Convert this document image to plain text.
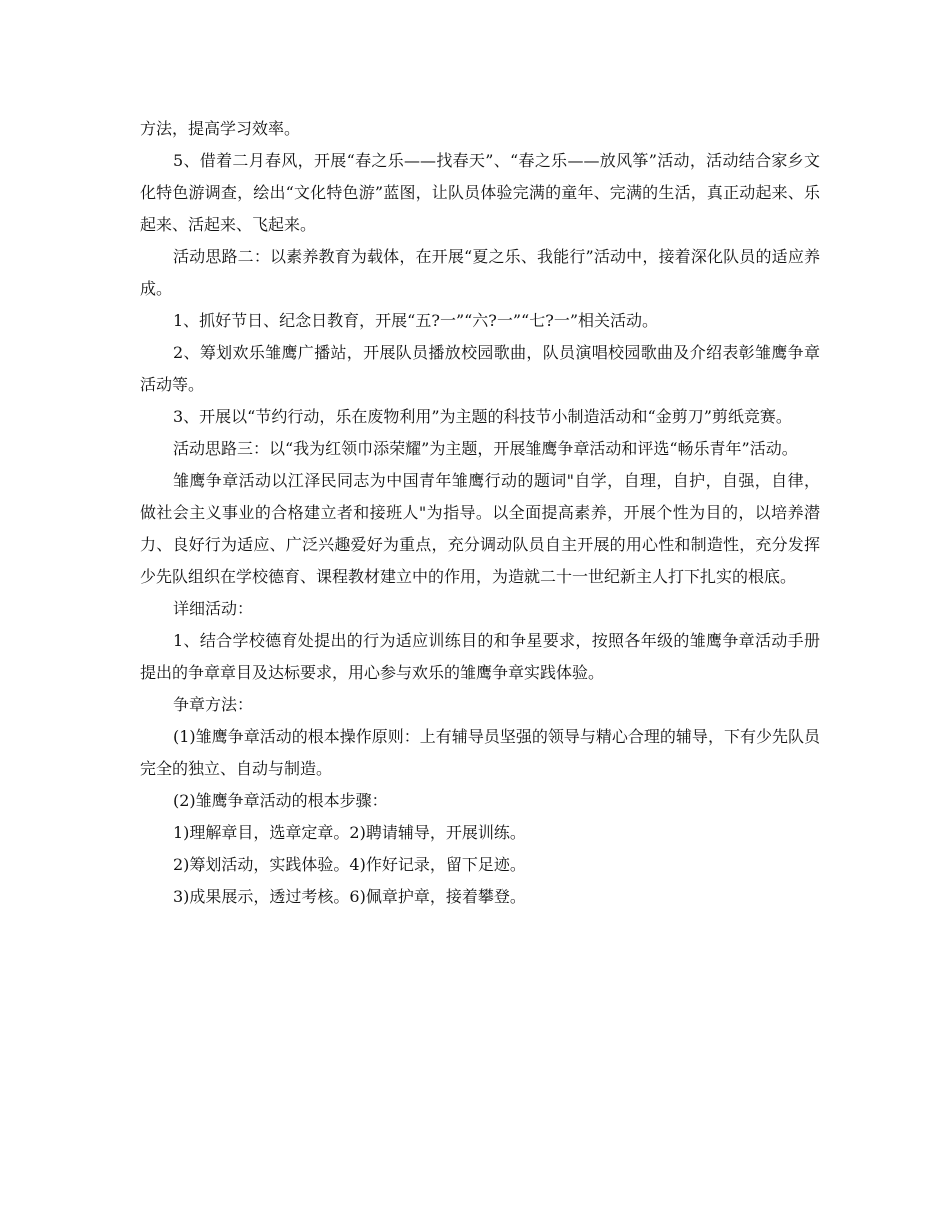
方法，提高学习效率。

5、借着二月春风，开展“春之乐——找春天”、“春之乐——放风筝”活动，活动结合家乡文化特色游调查，绘出“文化特色游”蓝图，让队员体验完满的童年、完满的生活，真正动起来、乐起来、活起来、飞起来。

活动思路二：以素养教育为载体，在开展“夏之乐、我能行”活动中，接着深化队员的适应养成。

1、抓好节日、纪念日教育，开展“五?一”“六?一”“七?一”相关活动。

2、筹划欢乐雏鹰广播站，开展队员播放校园歌曲，队员演唱校园歌曲及介绍表彰雏鹰争章活动等。

3、开展以“节约行动，乐在废物利用”为主题的科技节小制造活动和“金剪刀”剪纸竞赛。

活动思路三：以“我为红领巾添荣耀”为主题，开展雏鹰争章活动和评选“畅乐青年”活动。

雏鹰争章活动以江泽民同志为中国青年雏鹰行动的题词"自学，自理，自护，自强，自律，做社会主义事业的合格建立者和接班人"为指导。以全面提高素养，开展个性为目的，以培养潜力、良好行为适应、广泛兴趣爱好为重点，充分调动队员自主开展的用心性和制造性，充分发挥少先队组织在学校德育、课程教材建立中的作用，为造就二十一世纪新主人打下扎实的根底。

详细活动：

1、结合学校德育处提出的行为适应训练目的和争星要求，按照各年级的雏鹰争章活动手册提出的争章章目及达标要求，用心参与欢乐的雏鹰争章实践体验。

争章方法：

(1)雏鹰争章活动的根本操作原则：上有辅导员坚强的领导与精心合理的辅导，下有少先队员完全的独立、自动与制造。

(2)雏鹰争章活动的根本步骤：

1)理解章目，选章定章。2)聘请辅导，开展训练。

2)筹划活动，实践体验。4)作好记录，留下足迹。

3)成果展示，透过考核。6)佩章护章，接着攀登。
